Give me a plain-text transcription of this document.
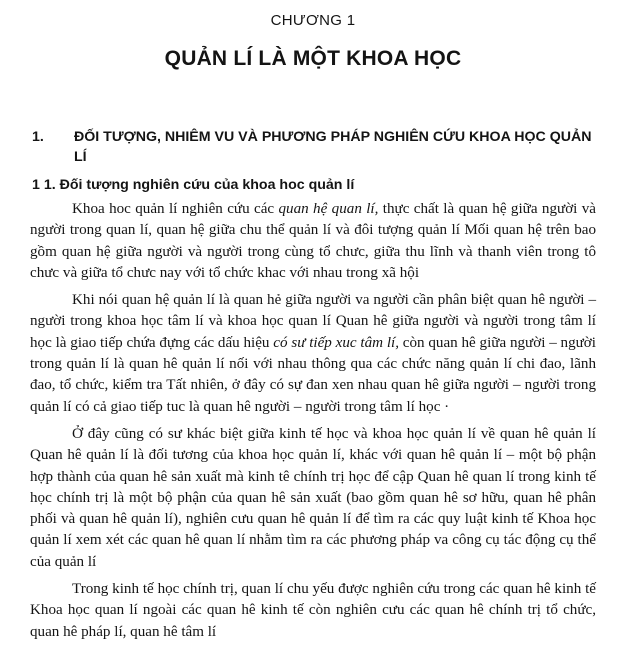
CHƯƠNG 1

QUẢN LÍ LÀ MỘT KHOA HỌC
1.	ĐỐI TƯỢNG, NHIÊM VU VÀ PHƯƠNG PHÁP NGHIÊN CỨU KHOA HỌC QUẢN LÍ
1 1. Đối tượng nghiên cứu của khoa hoc quản lí

Khoa hoc quản lí nghiên cứu các quan hệ quan lí, thực chất là quan hệ giữa người và người trong quan lí, quan hệ giữa chu thể quản lí và đôi tượng quản lí Mối quan hệ trên bao gồm quan hệ giữa người và người trong cùng tổ chưc, giữa thu lĩnh và thanh viên trong tô chưc và giữa tổ chưc nay với tổ chức khac với nhau trong xã hội

Khi nói quan hệ quản lí là quan hẻ giữa người va người cần phân biệt quan hê người – người trong khoa học tâm lí và khoa học quan lí Quan hê giữa người và người trong tâm lí học là giao tiếp chứa đựng các dấu hiệu có sư tiếp xuc tâm lí, còn quan hê giữa người – người trong quản lí là quan hê quản lí nối với nhau thông qua các chức năng quản lí chi đao, lãnh đao, tổ chức, kiểm tra Tất nhiên, ở đây có sự đan xen nhau quan hê giữa người – người trong quản lí có cả giao tiếp tuc là quan hê người – người trong tâm lí học ·

Ở đây cũng có sư khác biệt giữa kinh tế học và khoa học quản lí về quan hê quản lí Quan hê quản lí là đối tương của khoa học quản lí, khác với quan hê quản lí – một bộ phận hợp thành của quan hê sản xuất mà kinh tê chính trị học để cập Quan hê quan lí trong kinh tế học chính trị là một bộ phận của quan hê sản xuất (bao gồm quan hê sơ hữu, quan hê phân phối và quan hê quản lí), nghiên cưu quan hê quản lí để tìm ra các quy luật kinh tế Khoa học quản lí xem xét các quan hê quan lí nhằm tìm ra các phương pháp va công cụ tác động cụ thể của quản lí

Trong kinh tế học chính trị, quan lí chu yếu được nghiên cứu trong các quan hê kinh tế Khoa học quan lí ngoài các quan hê kinh tế còn nghiên cưu các quan hê chính trị tổ chức, quan hê pháp lí, quan hê tâm lí
